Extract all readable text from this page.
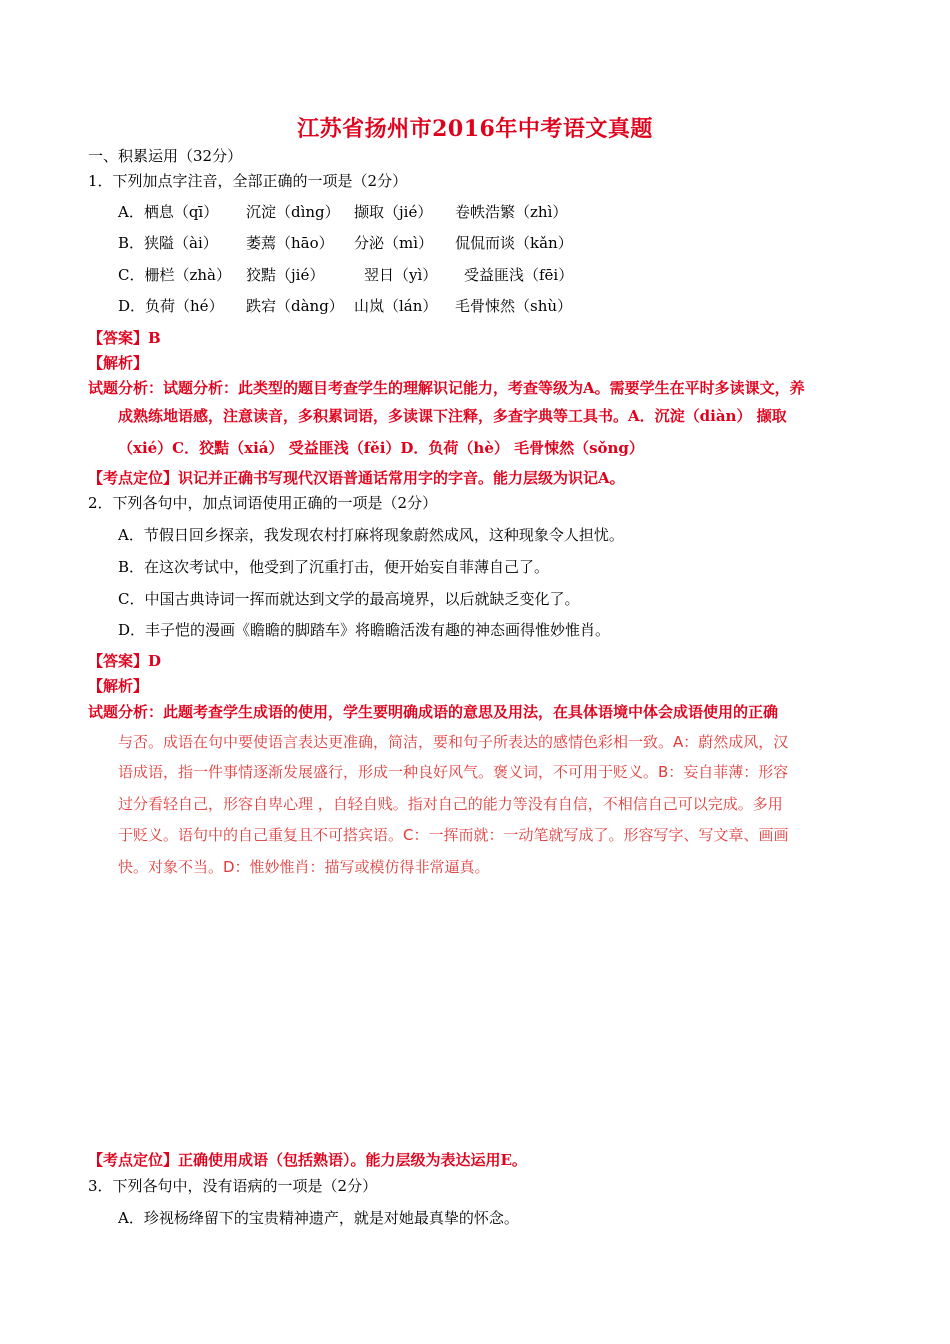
江苏省扬州市2016年中考语文真题
一、积累运用（32分）
1．下列加点字注音，全部正确的一项是（2分）
A．栖息（qī） 沉淀（dìng） 撷取（jié） 卷帙浩繁（zhì）
B．狭隘（ài） 萎蔫（hāo） 分泌（mì） 侃侃而谈（kǎn）
C．栅栏（zhà） 狡黠（jié）	翌日（yì） 受益匪浅（fēi）
D．负荷（hé） 跌宕（dàng） 山岚（lán） 毛骨悚然（shù）
【答案】B
【解析】
试题分析：试题分析：此类型的题目考查学生的理解识记能力，考查等级为A。需要学生在平时多读课文，养
成熟练地语感，注意读音，多积累词语，多读课下注释，多查字典等工具书。A．沉淀（diàn） 撷取
（xié）C．狡黠（xiá） 受益匪浅（fěi）D．负荷（hè） 毛骨悚然（sǒng）
【考点定位】识记并正确书写现代汉语普通话常用字的字音。能力层级为识记A。
2．下列各句中，加点词语使用正确的一项是（2分）
A．节假日回乡探亲，我发现农村打麻将现象蔚然成风，这种现象令人担忧。
B．在这次考试中，他受到了沉重打击，便开始妄自菲薄自己了。
C．中国古典诗词一挥而就达到文学的最高境界，以后就缺乏变化了。
D．丰子恺的漫画《瞻瞻的脚踏车》将瞻瞻活泼有趣的神态画得惟妙惟肖。
【答案】D
【解析】
试题分析：此题考查学生成语的使用，学生要明确成语的意思及用法，在具体语境中体会成语使用的正确
与否。成语在句中要使语言表达更准确，简洁，要和句子所表达的感情色彩相一致。A：蔚然成风，汉
语成语，指一件事情逐渐发展盛行，形成一种良好风气。褒义词，不可用于贬义。B：妄自菲薄：形容
过分看轻自己，形容自卑心理 ，自轻自贱。指对自己的能力等没有自信，不相信自己可以完成。多用
于贬义。语句中的自己重复且不可搭宾语。C：一挥而就：一动笔就写成了。形容写字、写文章、画画
快。对象不当。D：惟妙惟肖：描写或模仿得非常逼真。
【考点定位】正确使用成语（包括熟语）。能力层级为表达运用E。
3．下列各句中，没有语病的一项是（2分）
A．珍视杨绛留下的宝贵精神遗产，就是对她最真挚的怀念。
